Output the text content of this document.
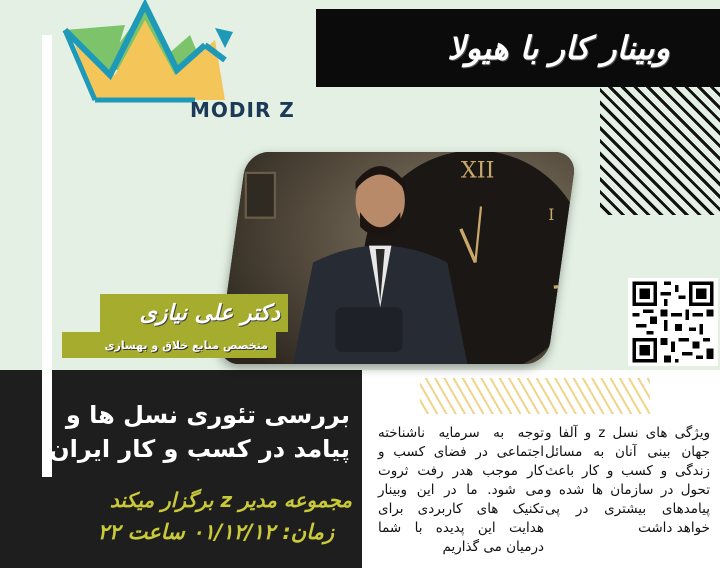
وبینار کار با هیولا
MODIR Z
XII
I
دکتر علی نیازی
متخصص منابع خلاق و بهسازی
بررسی تئوری نسل ها و
پیامد در کسب و کار ایران
مجموعه مدیر z برگزار میکند
زمان: ۰۱/۱۲/۱۲ ساعت ۲۲
ویژگی های نسل z و آلفا و جهان بینی آنان به مسائل زندگی و کسب و کار باعث تحول در سازمان ها شده و پیامدهای بیشتری در پی خواهد داشت
توجه به سرمایه ناشناخته اجتماعی در فضای کسب و کار موجب هدر رفت ثروت می شود. ما در این وبینار تکنیک های کاربردی برای هدایت این پدیده با شما درمیان می گذاریم
